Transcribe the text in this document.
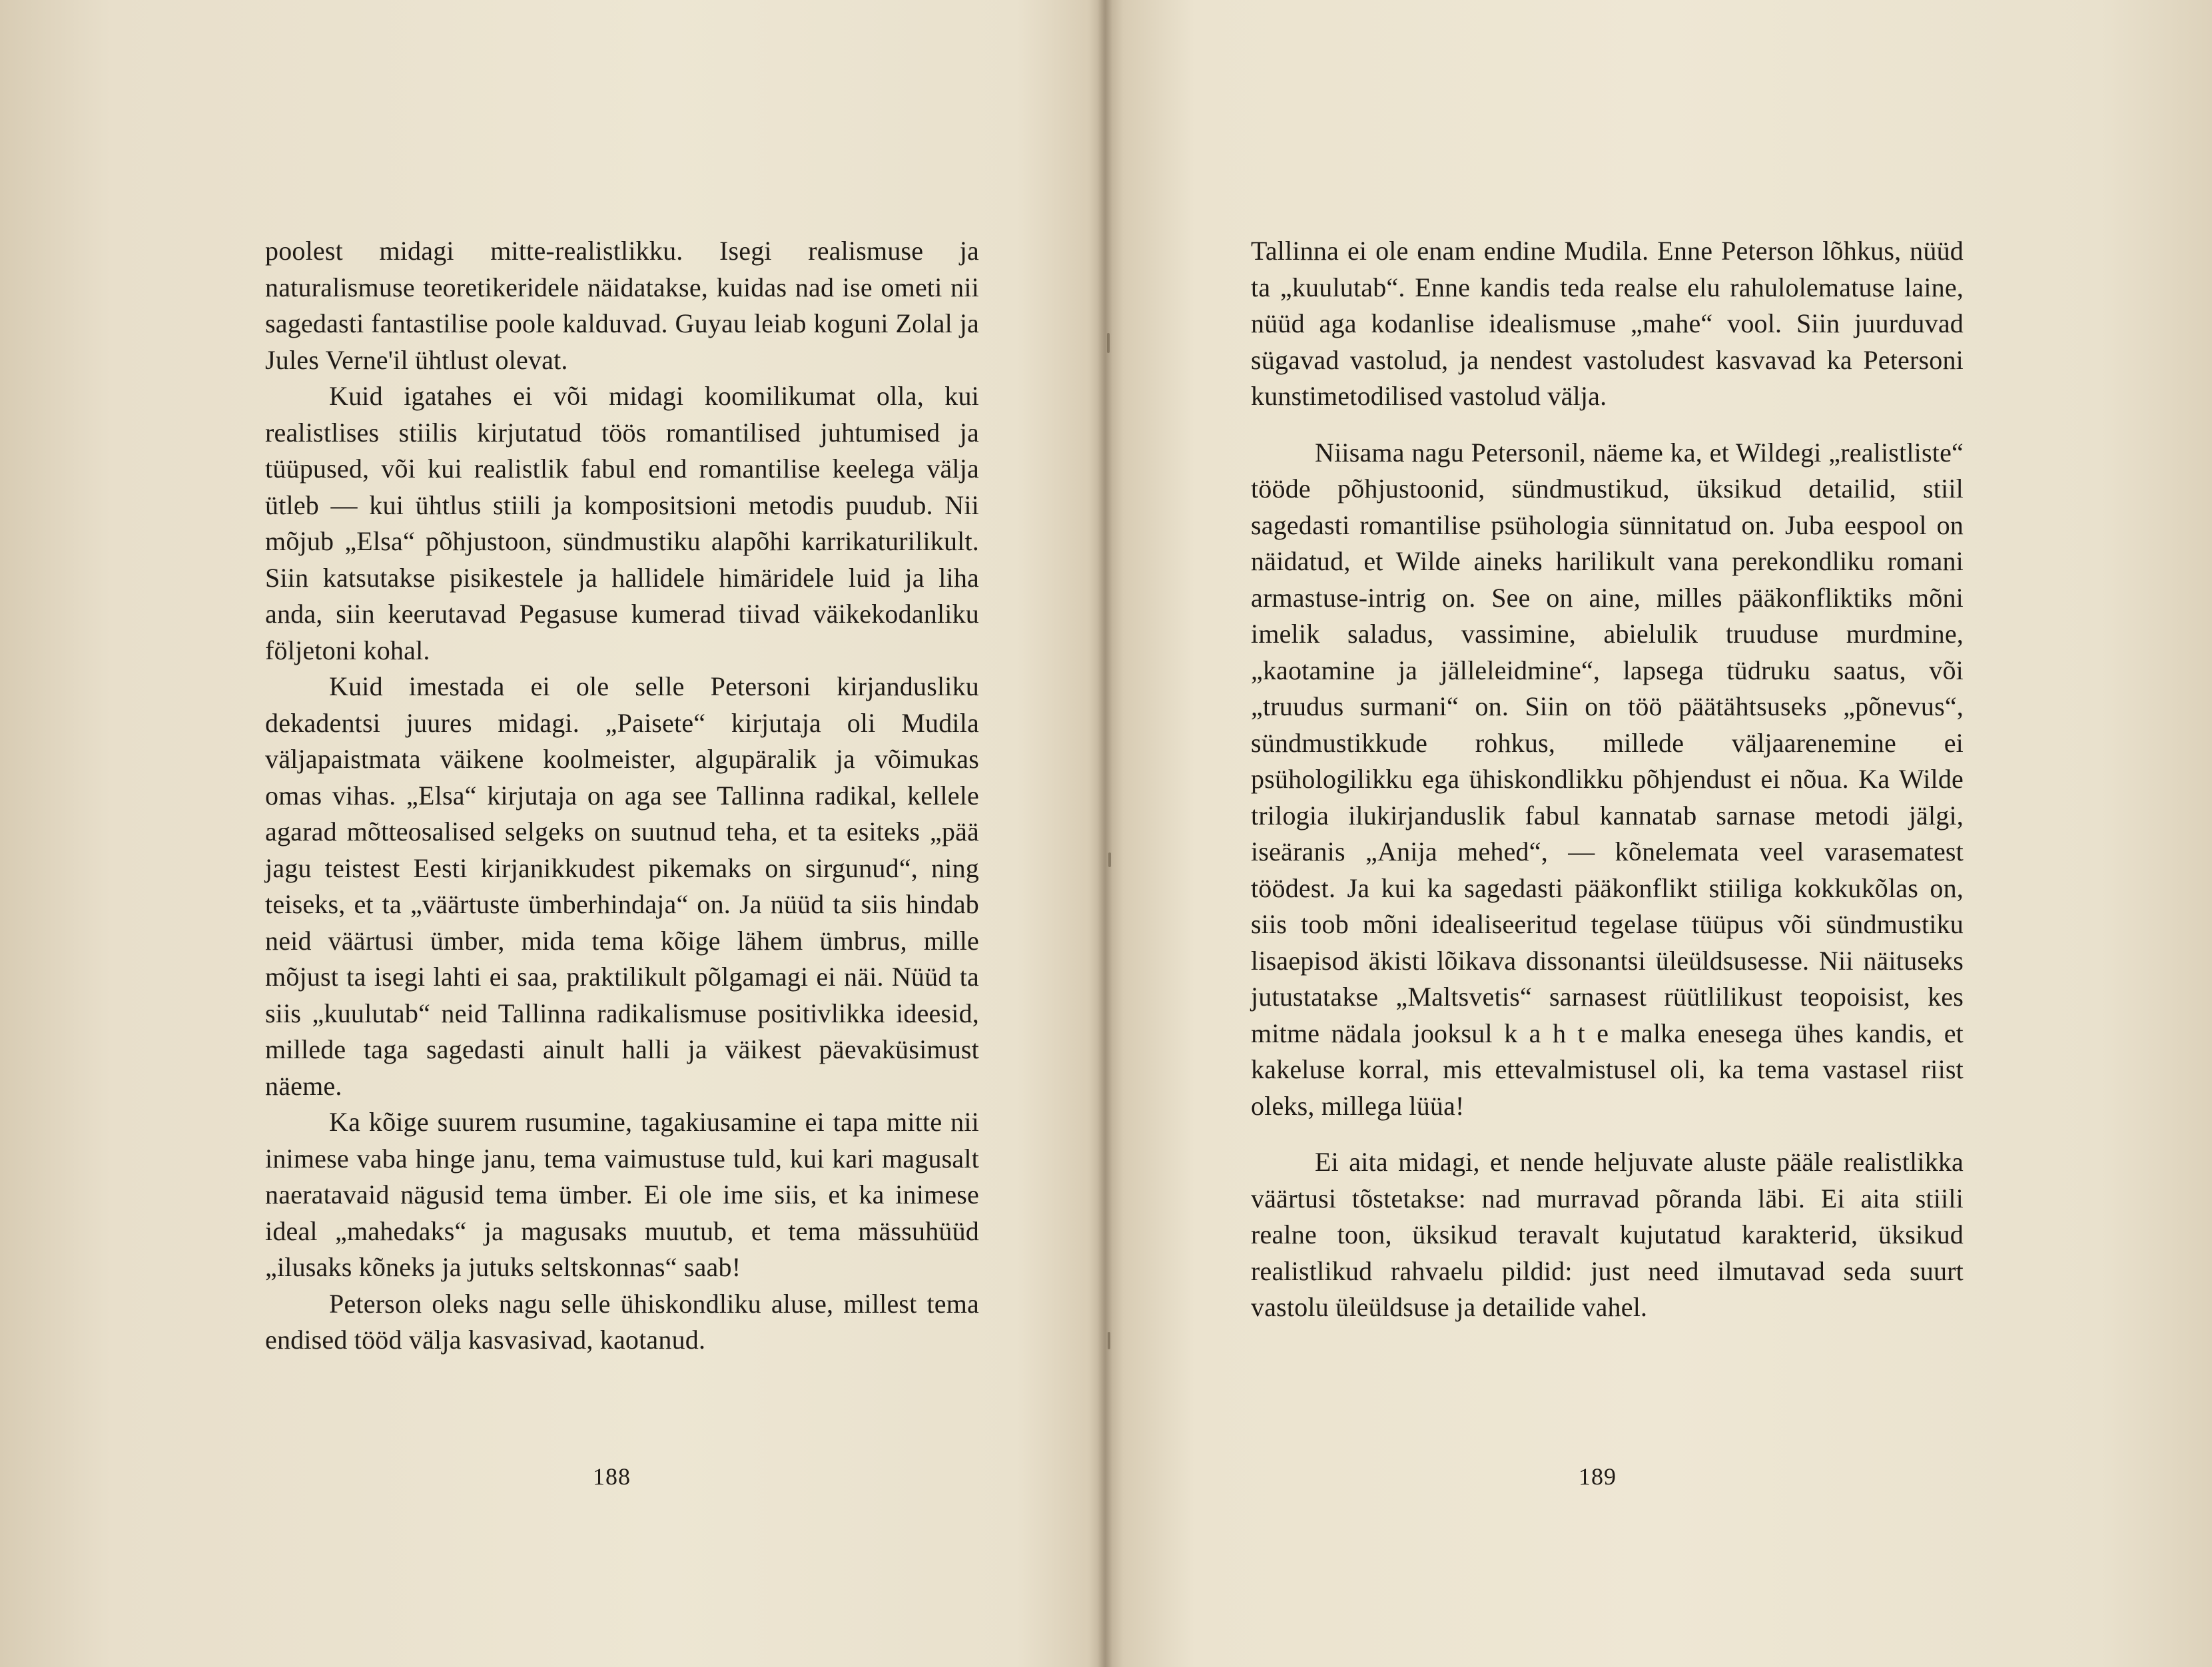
poolest midagi mitte-realistlikku. Isegi realismuse ja naturalismuse teoretikeridele näidatakse, kuidas nad ise ometi nii sagedasti fantastilise poole kalduvad. Guyau leiab koguni Zolal ja Jules Verne'il ühtlust olevat.

Kuid igatahes ei või midagi koomilikumat olla, kui realistlises stiilis kirjutatud töös romantilised juhtumised ja tüüpused, või kui realistlik fabul end romantilise keelega välja ütleb — kui ühtlus stiili ja kompositsioni metodis puudub. Nii mõjub „Elsa“ põhjustoon, sündmustiku alapõhi karrikaturilikult. Siin katsutakse pisikestele ja hallidele himäridele luid ja liha anda, siin keerutavad Pegasuse kumerad tiivad väikekodanliku följetoni kohal.

Kuid imestada ei ole selle Petersoni kirjandusliku dekadentsi juures midagi. „Paisete“ kirjutaja oli Mudila väljapaistmata väikene koolmeister, algupäralik ja võimukas omas vihas. „Elsa“ kirjutaja on aga see Tallinna radikal, kellele agarad mõtteosalised selgeks on suutnud teha, et ta esiteks „pää jagu teistest Eesti kirjanikkudest pikemaks on sirgunud“, ning teiseks, et ta „väärtuste ümberhindaja“ on. Ja nüüd ta siis hindab neid väärtusi ümber, mida tema kõige lähem ümbrus, mille mõjust ta isegi lahti ei saa, praktilikult põlgamagi ei näi. Nüüd ta siis „kuulutab“ neid Tallinna radikalismuse positivlikka ideesid, millede taga sagedasti ainult halli ja väikest päevaküsimust näeme.

Ka kõige suurem rusumine, tagakiusamine ei tapa mitte nii inimese vaba hinge janu, tema vaimustuse tuld, kui kari magusalt naeratavaid nägusid tema ümber. Ei ole ime siis, et ka inimese ideal „mahedaks“ ja magusaks muutub, et tema mässuhüüd „ilusaks kõneks ja jutuks seltskonnas“ saab!

Peterson oleks nagu selle ühiskondliku aluse, millest tema endised tööd välja kasvasivad, kaotanud.

188

Tallinna ei ole enam endine Mudila. Enne Peterson lõhkus, nüüd ta „kuulutab“. Enne kandis teda realse elu rahulolematuse laine, nüüd aga kodanlise idealismuse „mahe“ vool. Siin juurduvad sügavad vastolud, ja nendest vastoludest kasvavad ka Petersoni kunstimetodilised vastolud välja.

Niisama nagu Petersonil, näeme ka, et Wildegi „realistliste“ tööde põhjustoonid, sündmustikud, üksikud detailid, stiil sagedasti romantilise psühologia sünnitatud on. Juba eespool on näidatud, et Wilde aineks harilikult vana perekondliku romani armastuse-intrig on. See on aine, milles pääkonfliktiks mõni imelik saladus, vassimine, abielulik truuduse murdmine, „kaotamine ja jälleleidmine“, lapsega tüdruku saatus, või „truudus surmani“ on. Siin on töö päätähtsuseks „põnevus“, sündmustikkude rohkus, millede väljaarenemine ei psühologilikku ega ühiskondlikku põhjendust ei nõua. Ka Wilde trilogia ilukirjanduslik fabul kannatab sarnase metodi jälgi, iseäranis „Anija mehed“, — kõnelemata veel varasematest töödest. Ja kui ka sagedasti pääkonflikt stiiliga kokkukõlas on, siis toob mõni idealiseeritud tegelase tüüpus või sündmustiku lisaepisod äkisti lõikava dissonantsi üleüldsusesse. Nii näituseks jutustatakse „Maltsvetis“ sarnasest rüütlilikust teopoisist, kes mitme nädala jooksul k a h t e malka enesega ühes kandis, et kakeluse korral, mis ettevalmistusel oli, ka tema vastasel riist oleks, millega lüüa!

Ei aita midagi, et nende heljuvate aluste pääle realistlikka väärtusi tõstetakse: nad murravad põranda läbi. Ei aita stiili realne toon, üksikud teravalt kujutatud karakterid, üksikud realistlikud rahvaelu pildid: just need ilmutavad seda suurt vastolu üleüldsuse ja detailide vahel.

189
